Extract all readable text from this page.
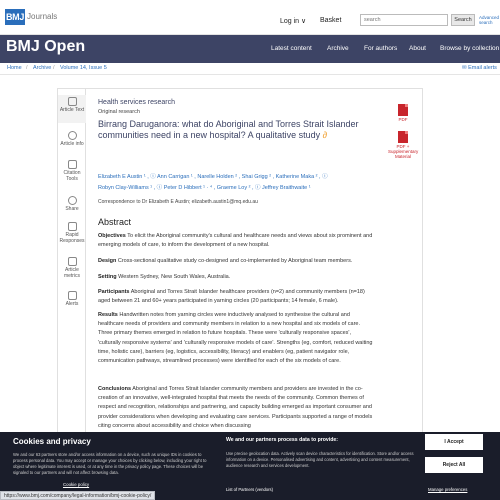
BMJ Journals
Log in ∨ Basket
search	Search	Advanced search
BMJ Open	Latest content Archive For authors About Browse by collection
Home / Archive / Volume 14, Issue 5	✉ Email alerts
Article Text
Article info
Citation Tools
Share
Rapid Responses
Article metrics
Alerts
Health services research
Original research
Birrang Daruganora: what do Aboriginal and Torres Strait Islander communities need in a new hospital? A qualitative study ∂
Elizabeth E Austin ¹ , ⓘ Ann Carrigan ¹ , Narelle Holden ² , Shai Grigg ² , Katherine Maka ² , ⓘ
Robyn Clay-Williams ¹ , ⓘ Peter D Hibbert ¹ · ⁴ , Graeme Loy ² , ⓘ Jeffrey Braithwaite ¹
Correspondence to Dr Elizabeth E Austin; elizabeth.austin1@mq.edu.au
Abstract
Objectives To elicit the Aboriginal community's cultural and healthcare needs and views about six prominent and emerging models of care, to inform the development of a new hospital.
Design Cross-sectional qualitative study co-designed and co-implemented by Aboriginal team members.
Setting Western Sydney, New South Wales, Australia.
Participants Aboriginal and Torres Strait Islander healthcare providers (n=2) and community members (n=18) aged between 21 and 60+ years participated in yarning circles (20 participants; 14 female, 6 male).
Results Handwritten notes from yarning circles were inductively analysed to synthesise the cultural and healthcare needs of providers and community members in relation to a new hospital and six models of care. Three primary themes emerged in relation to future hospitals. These were 'culturally responsive spaces', 'culturally responsive systems' and 'culturally responsive models of care'. Strengths (eg, comfort, reduced waiting time, holistic care), barriers (eg, logistics, accessibility, literacy) and enablers (eg, patient navigator role, communication pathways, streamlined processes) were identified for each of the six models of care.
Conclusions Aboriginal and Torres Strait Islander community members and providers are invested in the co-creation of an innovative, well-integrated hospital that meets the needs of the community. Common themes of respect and recognition, relationships and partnering, and capacity building emerged as important consumer and provider considerations when developing and evaluating care services. Participants supported a range of models citing concerns about accessibility and choice when discussing
PDF
PDF + Supplementary Material
Cookies and privacy
We and our 63 partners store and/or access information on a device, such as unique IDs in cookies to process personal data. You may accept or manage your choices by clicking below, including your right to object where legitimate interest is used, or at any time in the privacy policy page. These choices will be signaled to our partners and will not affect browsing data.
Cookie policy
We and our partners process data to provide:
Use precise geolocation data. Actively scan device characteristics for identification. Store and/or access information on a device. Personalised advertising and content, advertising and content measurement, audience research and services development.
List of Partners (vendors)
I Accept
Reject All
Manage preferences
https://www.bmj.com/company/legal-information/bmj-cookie-policy/
